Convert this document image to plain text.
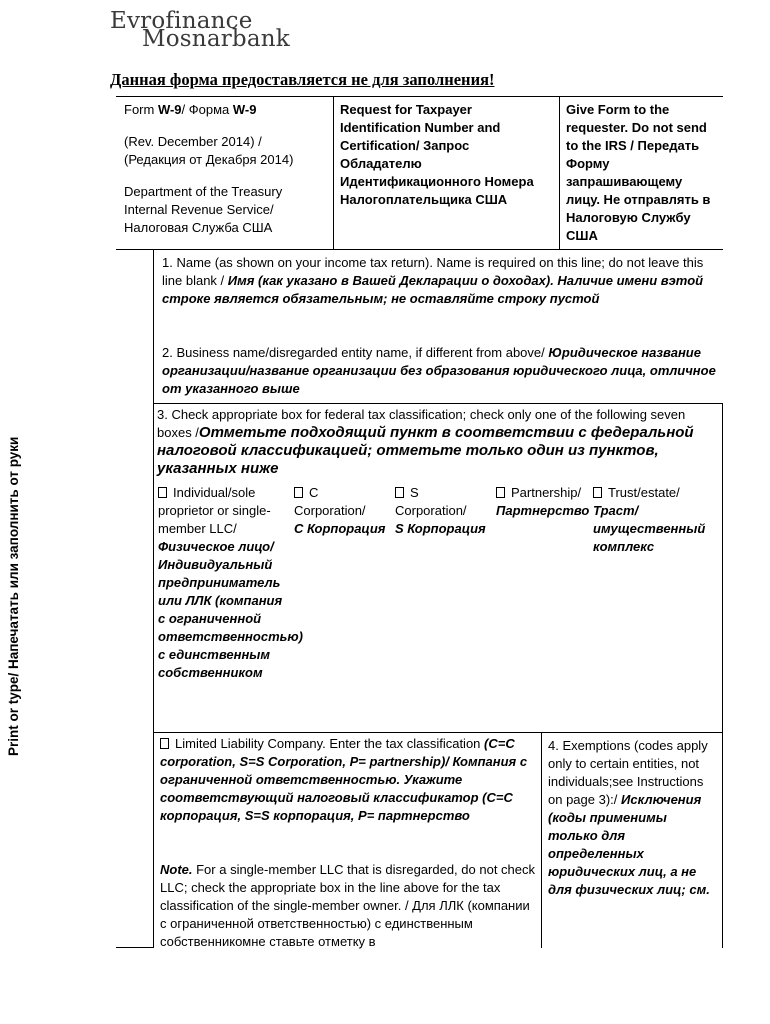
Evrofinance
Mosnarbank
Данная форма предоставляется не для заполнения!
Form W-9/ Форма W-9
(Rev. December 2014) /
(Редакция от Декабря 2014)
Department of the Treasury
Internal Revenue Service/
Налоговая Служба США
Request for Taxpayer Identification Number and Certification/ Запрос Обладателю Идентификационного Номера Налогоплательщика США
Give Form to the requester. Do not send to the IRS / Передать Форму запрашивающему лицу. Не отправлять в Налоговую Службу США
Print or type/ Напечатать или заполнить от руки
1. Name (as shown on your income tax return). Name is required on this line; do not leave this line blank / Имя (как указано в Вашей Декларации о доходах). Наличие имени вэтой строке является обязательным; не оставляйте строку пустой
2. Business name/disregarded entity name, if different from above/ Юридическое название организации/название организации без образования юридического лица, отличное от указанного выше
3. Check appropriate box for federal tax classification; check only one of the following seven boxes /Отметьте подходящий пункт в соответствии с федеральной налоговой классификацией; отметьте только один из пунктов, указанных ниже
Individual/sole proprietor or single-member LLC/
Физическое лицо/Индивидуальный предприниматель или ЛЛК (компания с ограниченной ответственностью) с единственным собственником
C Corporation/
С Корпорация
S Corporation/
S Корпорация
Partnership/
Партнерство
Trust/estate/
Траст/ имущественный комплекс
Limited Liability Company. Enter the tax classification (C=C corporation, S=S Corporation, P= partnership)/ Компания с ограниченной ответственностью. Укажите соответствующий налоговый классификатор (С=С корпорация, S=S корпорация, Р= партнерство
Note. For a single-member LLC that is disregarded, do not check LLC; check the appropriate box in the line above for the tax classification of the single-member owner. / Для ЛЛК (компании с ограниченной ответственностью) с единственным собственникомне ставьте отметку в
4. Exemptions (codes apply only to certain entities, not individuals;see Instructions on page 3):/ Исключения (коды применимы только для определенных юридических лиц, а не для физических лиц; см.
